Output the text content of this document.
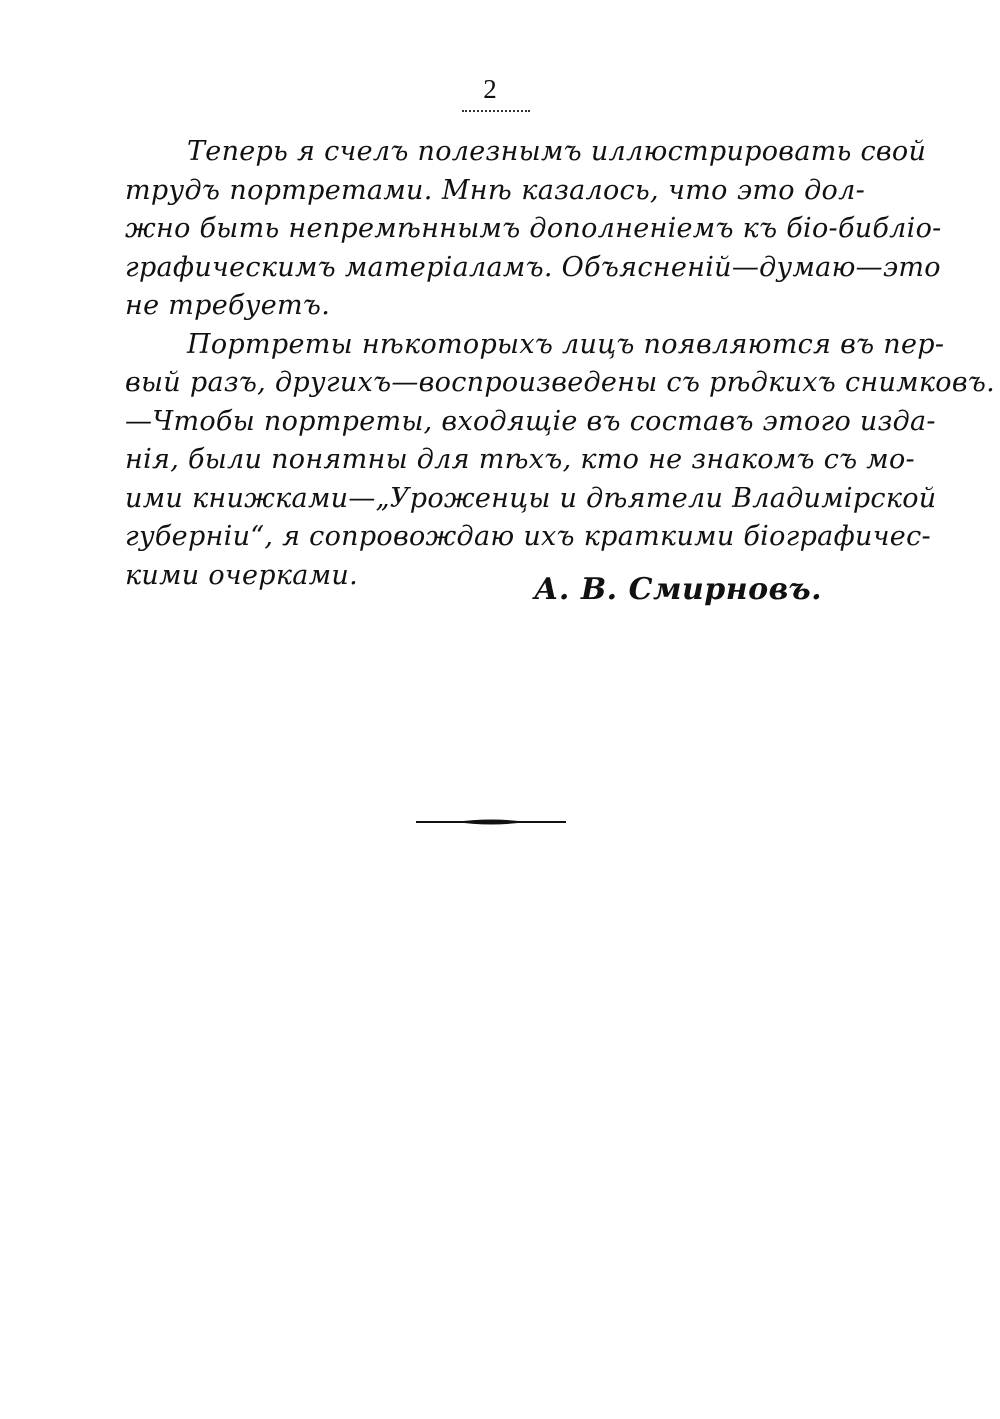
2
Теперь я счелъ полезнымъ иллюстрировать свой
трудъ портретами. Мнѣ казалось, что это дол-
жно быть непремѣннымъ дополненіемъ къ біо-библіо-
графическимъ матеріаламъ. Объясненій—думаю—это
не требуетъ.
Портреты нѣкоторыхъ лицъ появляются въ пер-
вый разъ, другихъ—воспроизведены съ рѣдкихъ снимковъ.
—Чтобы портреты, входящіе въ составъ этого изда-
нія, были понятны для тѣхъ, кто не знакомъ съ мо-
ими книжками—„Уроженцы и дѣятели Владимірской
губерніи“, я сопровождаю ихъ краткими біографичес-
кими очерками.	А. В. Смирновъ.
